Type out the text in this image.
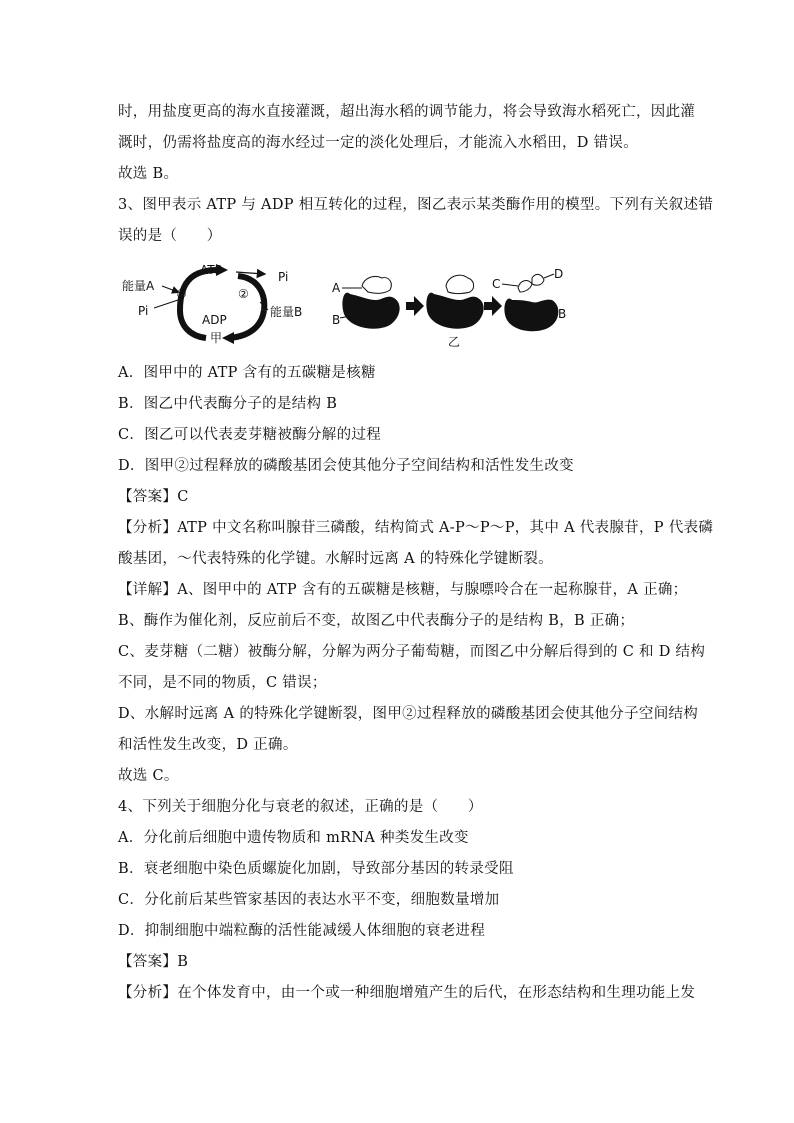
时，用盐度更高的海水直接灌溉，超出海水稻的调节能力，将会导致海水稻死亡，因此灌
溉时，仍需将盐度高的海水经过一定的淡化处理后，才能流入水稻田，D 错误。
故选 B。
3、图甲表示 ATP 与 ADP 相互转化的过程，图乙表示某类酶作用的模型。下列有关叙述错
误的是（　　）
ATP
ADP
Pi
Pi
能量A
能量B
①	②
甲
A
B
C
D
B
乙
A．图甲中的 ATP 含有的五碳糖是核糖
B．图乙中代表酶分子的是结构 B
C．图乙可以代表麦芽糖被酶分解的过程
D．图甲②过程释放的磷酸基团会使其他分子空间结构和活性发生改变
【答案】C
【分析】ATP 中文名称叫腺苷三磷酸，结构简式 A-P～P～P，其中 A 代表腺苷，P 代表磷
酸基团，～代表特殊的化学键。水解时远离 A 的特殊化学键断裂。
【详解】A、图甲中的 ATP 含有的五碳糖是核糖，与腺嘌呤合在一起称腺苷，A 正确；
B、酶作为催化剂，反应前后不变，故图乙中代表酶分子的是结构 B，B 正确；
C、麦芽糖（二糖）被酶分解，分解为两分子葡萄糖，而图乙中分解后得到的 C 和 D 结构
不同，是不同的物质，C 错误；
D、水解时远离 A 的特殊化学键断裂，图甲②过程释放的磷酸基团会使其他分子空间结构
和活性发生改变，D 正确。
故选 C。
4、下列关于细胞分化与衰老的叙述，正确的是（　　）
A．分化前后细胞中遗传物质和 mRNA 种类发生改变
B．衰老细胞中染色质螺旋化加剧，导致部分基因的转录受阻
C．分化前后某些管家基因的表达水平不变，细胞数量增加
D．抑制细胞中端粒酶的活性能减缓人体细胞的衰老进程
【答案】B
【分析】在个体发育中，由一个或一种细胞增殖产生的后代，在形态结构和生理功能上发
